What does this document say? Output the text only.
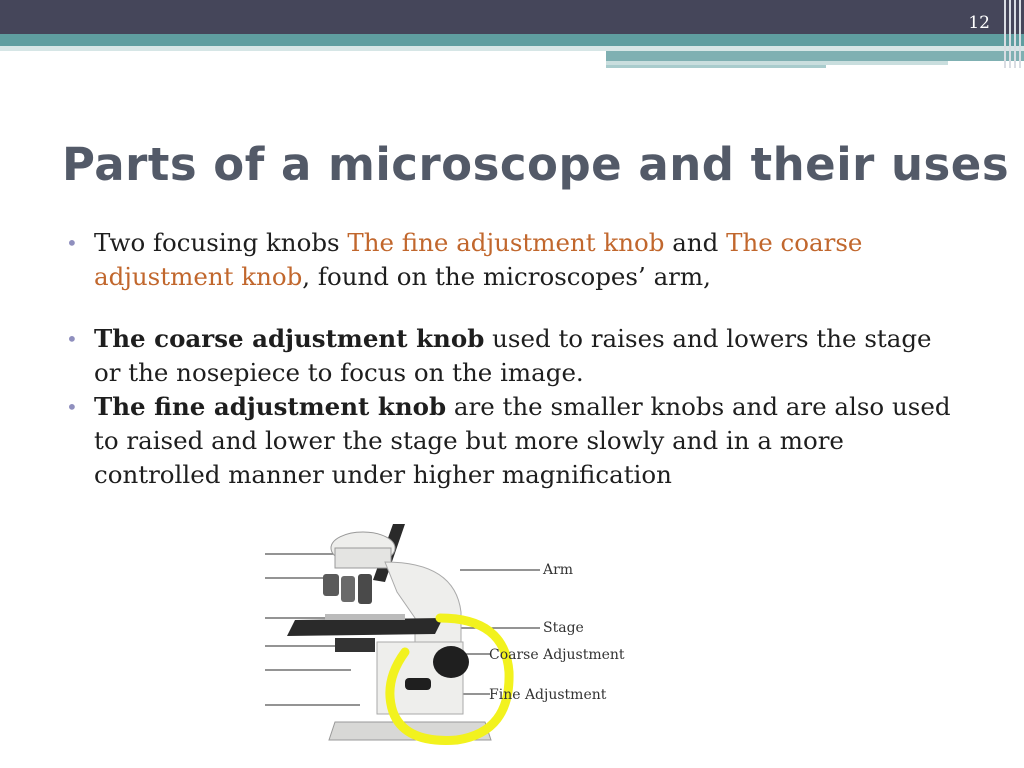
12
Parts of a microscope and their uses
• Two focusing knobs The fine adjustment knob and The coarse adjustment knob, found on the microscopes’ arm,
• The coarse adjustment knob used to raises and lowers the stage or the nosepiece to focus on the image.
• The fine adjustment knob are the smaller knobs and are also used to raised and lower the stage but more slowly and in a more controlled manner under higher magnification
Arm
Stage
Coarse Adjustment
Fine Adjustment
